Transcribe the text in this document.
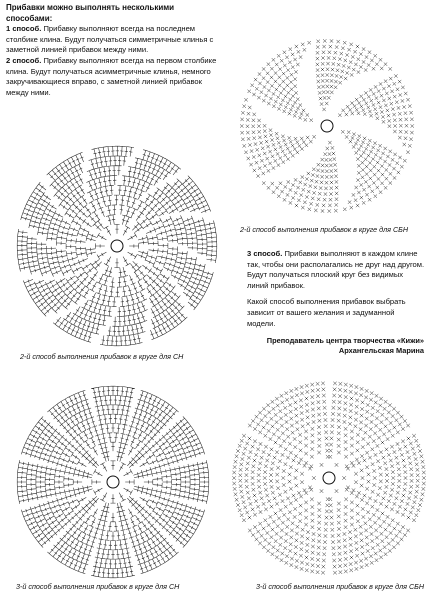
Прибавки можно выполнять несколькими способами:
1 способ. Прибавку выполняют всегда на последнем столбике клина. Будут получаться симметричные клинья с заметной линией прибавок между ними.
2 способ. Прибавку выполняют всегда на первом столбике клина. Будут получаться асимметричные клинья, немного закручивающиеся вправо, с заметной линией прибавок между ними.
3 способ. Прибавки выполняют в каждом клине так, чтобы они располагались не друг над другом. Будут получаться плоский круг без видимых линий прибавок.
Какой способ выполнения прибавок выбрать зависит от вашего желания и задуманной модели.
Преподаватель центра творчества «Кижи»
Архангельская Марина
2-й способ выполнения прибавок в круге для СБН
2-й способ выполнения прибавок в круге для СН
3-й способ выполнения прибавок в круге для СН	3-й способ выполнения прибавок в круге для СБН
